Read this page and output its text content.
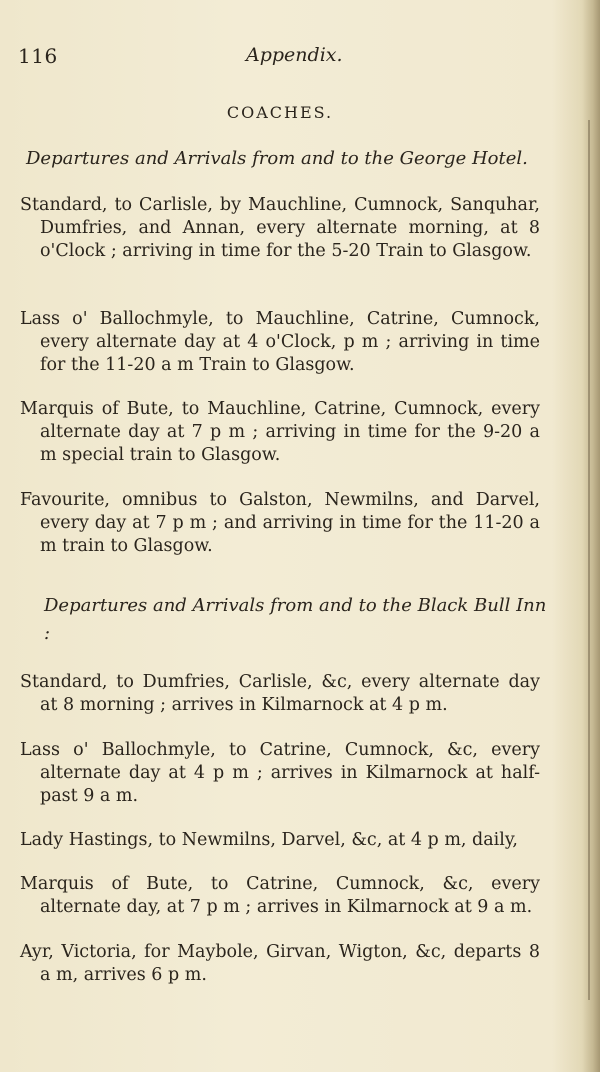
116	Appendix.
COACHES.
Departures and Arrivals from and to the George Hotel.

Standard, to Carlisle, by Mauchline, Cumnock, Sanquhar, Dumfries, and Annan, every alternate morning, at 8 o'Clock ; arriving in time for the 5-20 Train to Glasgow.

Lass o' Ballochmyle, to Mauchline, Catrine, Cumnock, every alternate day at 4 o'Clock, p m ; arriving in time for the 11-20 a m Train to Glasgow.

Marquis of Bute, to Mauchline, Catrine, Cumnock, every alternate day at 7 p m ; arriving in time for the 9-20 a m special train to Glasgow.

Favourite, omnibus to Galston, Newmilns, and Darvel, every day at 7 p m ; and arriving in time for the 11-20 a m train to Glasgow.

Departures and Arrivals from and to the Black Bull Inn :

Standard, to Dumfries, Carlisle, &c, every alternate day at 8 morning ; arrives in Kilmarnock at 4 p m.

Lass o' Ballochmyle, to Catrine, Cumnock, &c, every alternate day at 4 p m ; arrives in Kilmarnock at half-past 9 a m.

Lady Hastings, to Newmilns, Darvel, &c, at 4 p m, daily,

Marquis of Bute, to Catrine, Cumnock, &c, every alternate day, at 7 p m ; arrives in Kilmarnock at 9 a m.

Ayr, Victoria, for Maybole, Girvan, Wigton, &c, departs 8 a m, arrives 6 p m.
